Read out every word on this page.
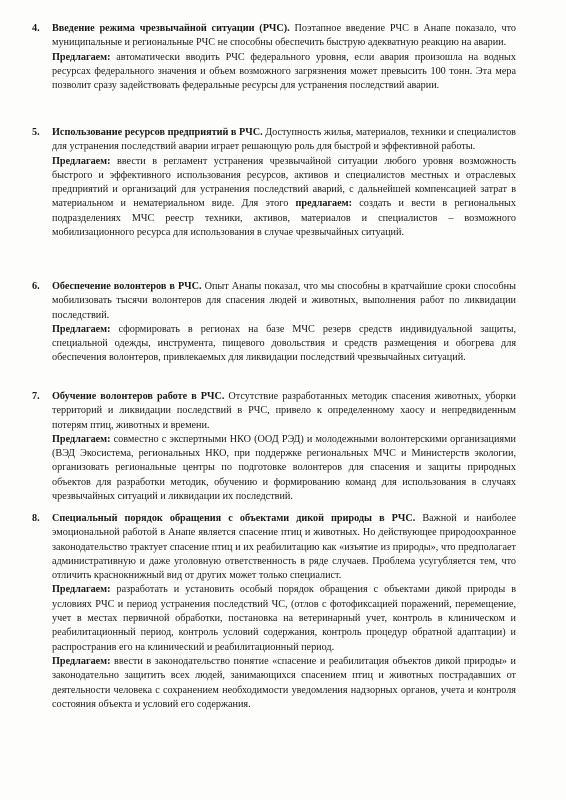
4. Введение режима чрезвычайной ситуации (РЧС). Поэтапное введение РЧС в Анапе показало, что муниципальные и региональные РЧС не способны обеспечить быструю адекватную реакцию на аварии.

Предлагаем: автоматически вводить РЧС федерального уровня, если авария произошла на водных ресурсах федерального значения и объем возможного загрязнения может превысить 100 тонн. Эта мера позволит сразу задействовать федеральные ресурсы для устранения последствий аварии.

5. Использование ресурсов предприятий в РЧС. Доступность жилья, материалов, техники и специалистов для устранения последствий аварии играет решающую роль для быстрой и эффективной работы.

Предлагаем: ввести в регламент устранения чрезвычайной ситуации любого уровня возможность быстрого и эффективного использования ресурсов, активов и специалистов местных и отраслевых предприятий и организаций для устранения последствий аварий, с дальнейшей компенсацией затрат в материальном и нематериальном виде. Для этого предлагаем: создать и вести в региональных подразделениях МЧС реестр техники, активов, материалов и специалистов – возможного мобилизационного ресурса для использования в случае чрезвычайных ситуаций.

6. Обеспечение волонтеров в РЧС. Опыт Анапы показал, что мы способны в кратчайшие сроки способны мобилизовать тысячи волонтеров для спасения людей и животных, выполнения работ по ликвидации последствий.

Предлагаем: сформировать в регионах на базе МЧС резерв средств индивидуальной защиты, специальной одежды, инструмента, пищевого довольствия и средств размещения и обогрева для обеспечения волонтеров, привлекаемых для ликвидации последствий чрезвычайных ситуаций.

7. Обучение волонтеров работе в РЧС. Отсутствие разработанных методик спасения животных, уборки территорий и ликвидации последствий в РЧС, привело к определенному хаосу и непредвиденным потерям птиц, животных и времени.

Предлагаем: совместно с экспертными НКО (ООД РЭД) и молодежными волонтерскими организациями (ВЭД Экосистема, региональных НКО, при поддержке региональных МЧС и Министерств экологии, организовать региональные центры по подготовке волонтеров для спасения и защиты природных объектов для разработки методик, обучению и формированию команд для использования в случаях чрезвычайных ситуаций и ликвидации их последствий.

8. Специальный порядок обращения с объектами дикой природы в РЧС. Важной и наиболее эмоциональной работой в Анапе является спасение птиц и животных. Но действующее природоохранное законодательство трактует спасение птиц и их реабилитацию как «изъятие из природы», что предполагает административную и даже уголовную ответственность в ряде случаев. Проблема усугубляется тем, что отличить краснокнижный вид от других может только специалист.

Предлагаем: разработать и установить особый порядок обращения с объектами дикой природы в условиях РЧС и период устранения последствий ЧС, (отлов с фотофиксацией поражений, перемещение, учет в местах первичной обработки, постановка на ветеринарный учет, контроль в клиническом и реабилитационный период, контроль условий содержания, контроль процедур обратной адаптации) и распространив его на клинический и реабилитационный период.

Предлагаем: ввести в законодательство понятие «спасение и реабилитация объектов дикой природы» и законодательно защитить всех людей, занимающихся спасением птиц и животных пострадавших от деятельности человека с сохранением необходимости уведомления надзорных органов, учета и контроля состояния объекта и условий его содержания.
